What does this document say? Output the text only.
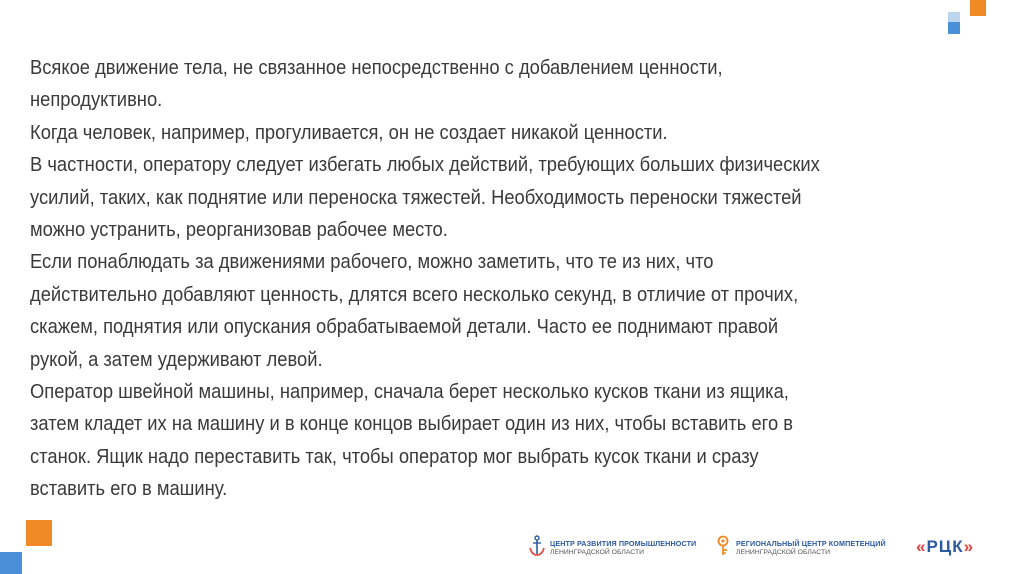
Всякое движение тела, не связанное непосредственно с добавлением ценности,

непродуктивно.

Когда человек, например, прогуливается, он не создает никакой ценности.

В частности, оператору следует избегать любых действий, требующих больших физических

усилий, таких, как поднятие или переноска тяжестей. Необходимость переноски тяжестей

можно устранить, реорганизовав рабочее место.

Если понаблюдать за движениями рабочего, можно заметить, что те из них, что

действительно добавляют ценность, длятся всего несколько секунд, в отличие от прочих,

скажем, поднятия или опускания обрабатываемой детали. Часто ее поднимают правой

рукой, а затем удерживают левой.

Оператор швейной машины, например, сначала берет несколько кусков ткани из ящика,

затем кладет их на машину и в конце концов выбирает один из них, чтобы вставить его в

станок. Ящик надо переставить так, чтобы оператор мог выбрать кусок ткани и сразу

вставить его в машину.

ЦЕНТР РАЗВИТИЯ ПРОМЫШЛЕННОСТИ
ЛЕНИНГРАДСКОЙ ОБЛАСТИ
РЕГИОНАЛЬНЫЙ ЦЕНТР КОМПЕТЕНЦИЙ
ЛЕНИНГРАДСКОЙ ОБЛАСТИ	«РЦК»
